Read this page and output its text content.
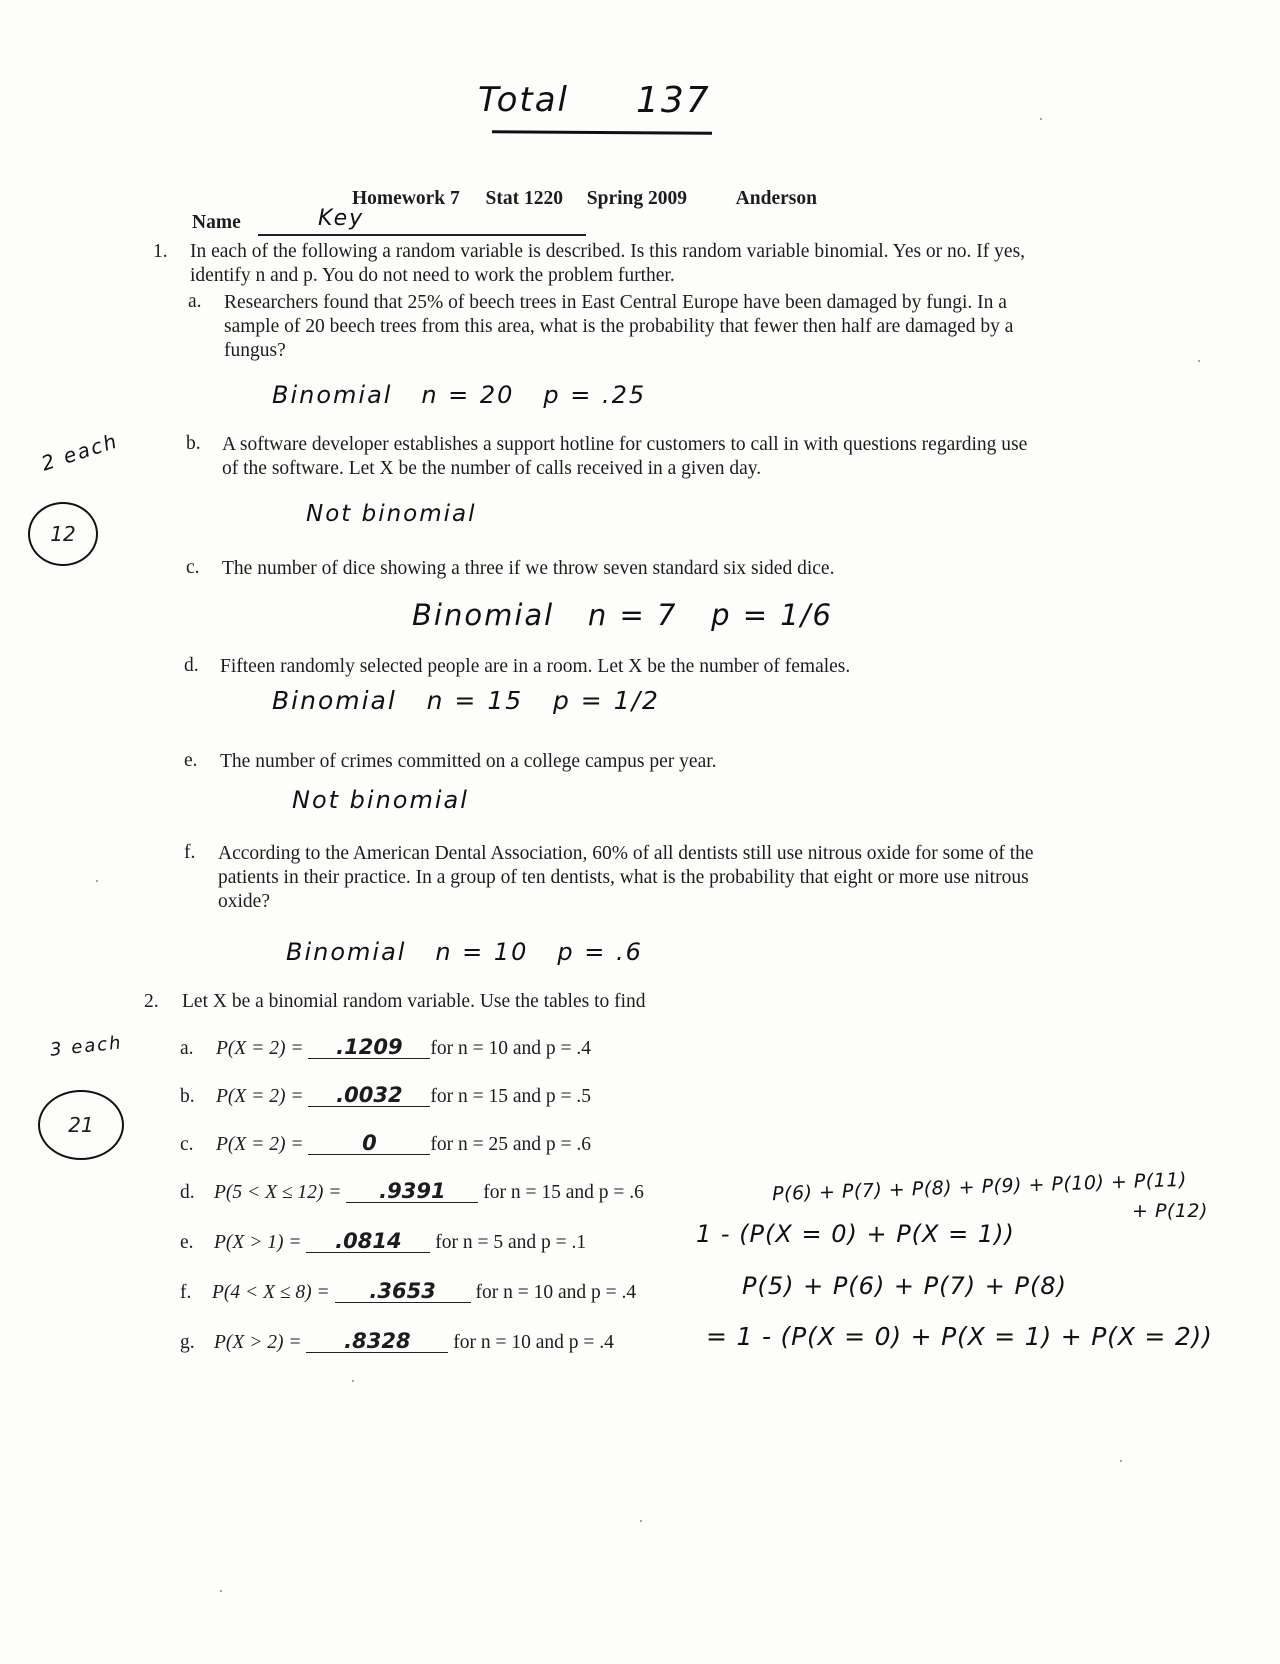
Total 137
Homework 7 Stat 1220 Spring 2009 Anderson
Name	Key
2 each
12
3 each
21
1. In each of the following a random variable is described. Is this random variable binomial. Yes or no. If yes, identify n and p. You do not need to work the problem further.
a. Researchers found that 25% of beech trees in East Central Europe have been damaged by fungi. In a sample of 20 beech trees from this area, what is the probability that fewer then half are damaged by a fungus?
Binomial   n = 20   p = .25
b. A software developer establishes a support hotline for customers to call in with questions regarding use of the software. Let X be the number of calls received in a given day.
Not binomial
c. The number of dice showing a three if we throw seven standard six sided dice.
Binomial   n = 7   p = 1/6
d. Fifteen randomly selected people are in a room. Let X be the number of females.
Binomial   n = 15   p = 1/2
e. The number of crimes committed on a college campus per year.
Not binomial
f. According to the American Dental Association, 60% of all dentists still use nitrous oxide for some of the patients in their practice. In a group of ten dentists, what is the probability that eight or more use nitrous oxide?
Binomial   n = 10   p = .6
2. Let X be a binomial random variable. Use the tables to find
a. P(X = 2) = .1209 for n = 10 and p = .4
b. P(X = 2) = .0032 for n = 15 and p = .5
c. P(X = 2) =	0	for n = 25 and p = .6
d. P(5 < X ≤ 12) = .9391 for n = 15 and p = .6	P(6) + P(7) + P(8) + P(9) + P(10) + P(11)
+ P(12)
e. P(X > 1) = .0814 for n = 5 and p = .1	1 - (P(X = 0) + P(X = 1))
f. P(4 < X ≤ 8) = .3653 for n = 10 and p = .4	P(5) + P(6) + P(7) + P(8)
g. P(X > 2) = .8328 for n = 10 and p = .4	= 1 - (P(X = 0) + P(X = 1) + P(X = 2))
